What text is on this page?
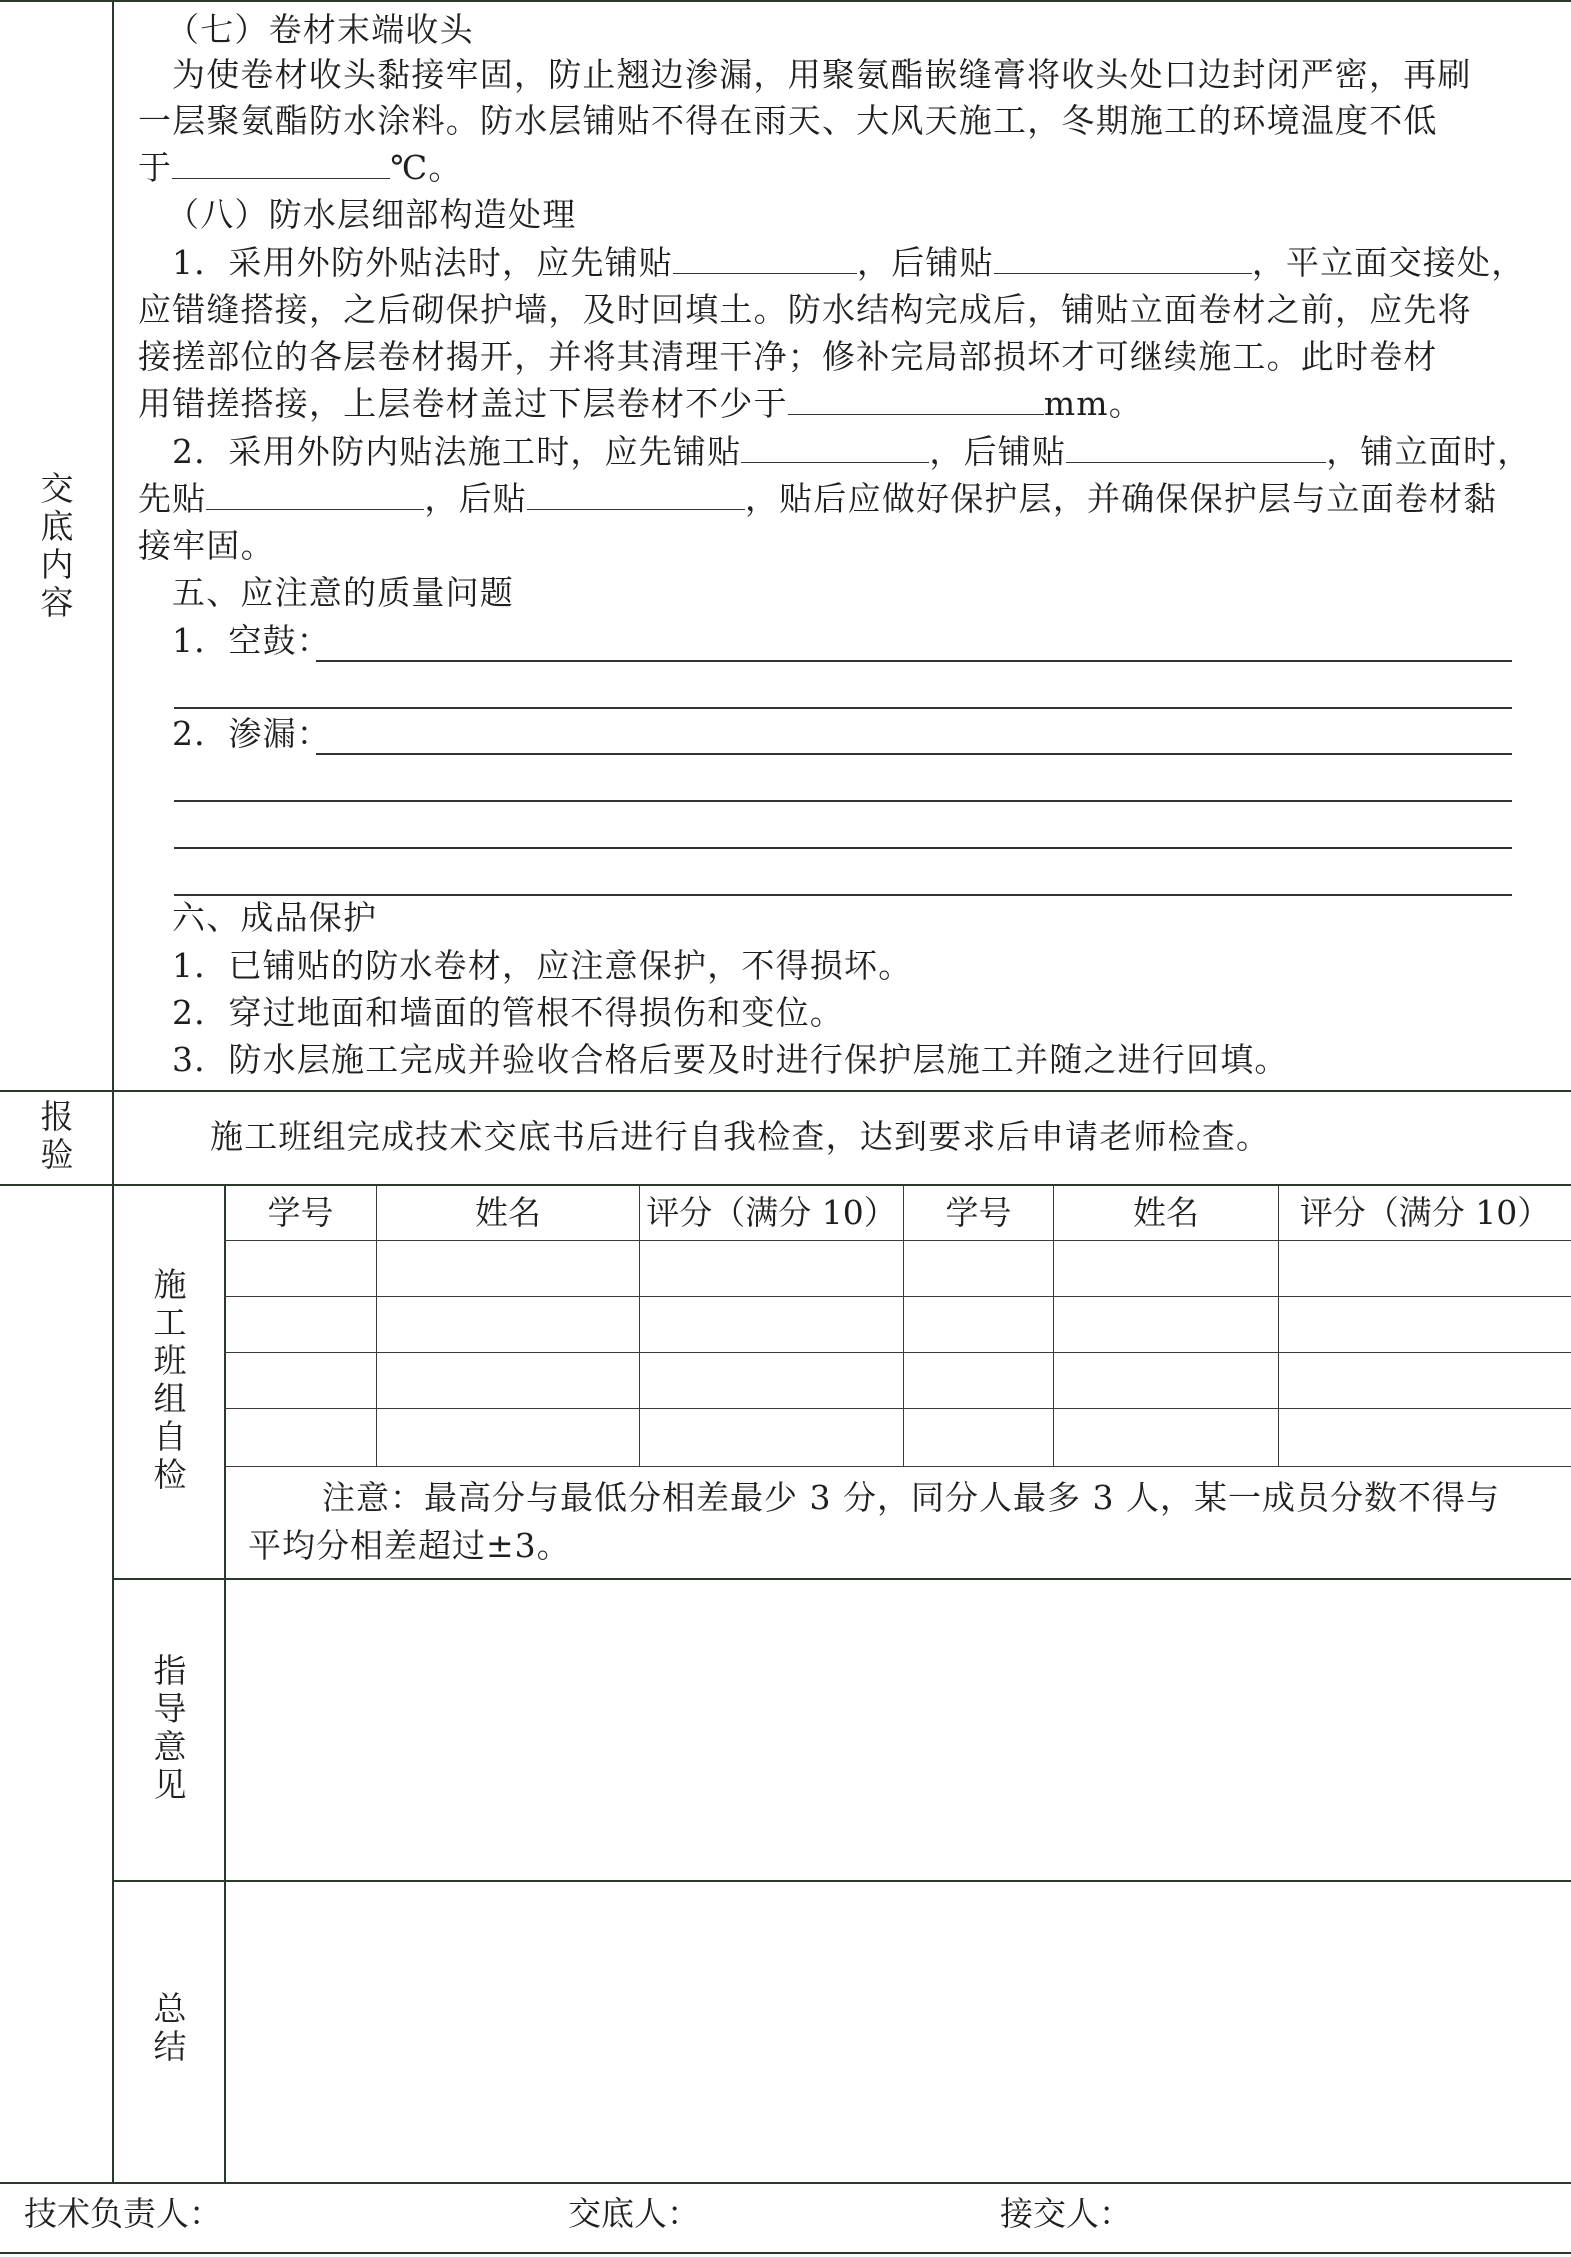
交
底
内
容
报
验
施
工
班
组
自
检
指
导
意
见
总
结
（七）卷材末端收头
为使卷材收头黏接牢固，防止翘边渗漏，用聚氨酯嵌缝膏将收头处口边封闭严密，再刷
一层聚氨酯防水涂料。防水层铺贴不得在雨天、大风天施工，冬期施工的环境温度不低
于	℃。
（八）防水层细部构造处理
1．采用外防外贴法时，应先铺贴	，后铺贴	，平立面交接处，
应错缝搭接，之后砌保护墙，及时回填土。防水结构完成后，铺贴立面卷材之前，应先将
接搓部位的各层卷材揭开，并将其清理干净；修补完局部损坏才可继续施工。此时卷材
用错搓搭接，上层卷材盖过下层卷材不少于	mm。
2．采用外防内贴法施工时，应先铺贴	，后铺贴	，铺立面时，
先贴	，后贴	，贴后应做好保护层，并确保保护层与立面卷材黏
接牢固。
五、应注意的质量问题
1．空鼓：
2．渗漏：
六、成品保护
1．已铺贴的防水卷材，应注意保护，不得损坏。
2．穿过地面和墙面的管根不得损伤和变位。
3．防水层施工完成并验收合格后要及时进行保护层施工并随之进行回填。
施工班组完成技术交底书后进行自我检查，达到要求后申请老师检查。
学号	姓名	评分（满分 10）	学号	姓名	评分（满分 10）
注意：最高分与最低分相差最少 3 分，同分人最多 3 人，某一成员分数不得与
平均分相差超过±3。
技术负责人：	交底人：	接交人：
